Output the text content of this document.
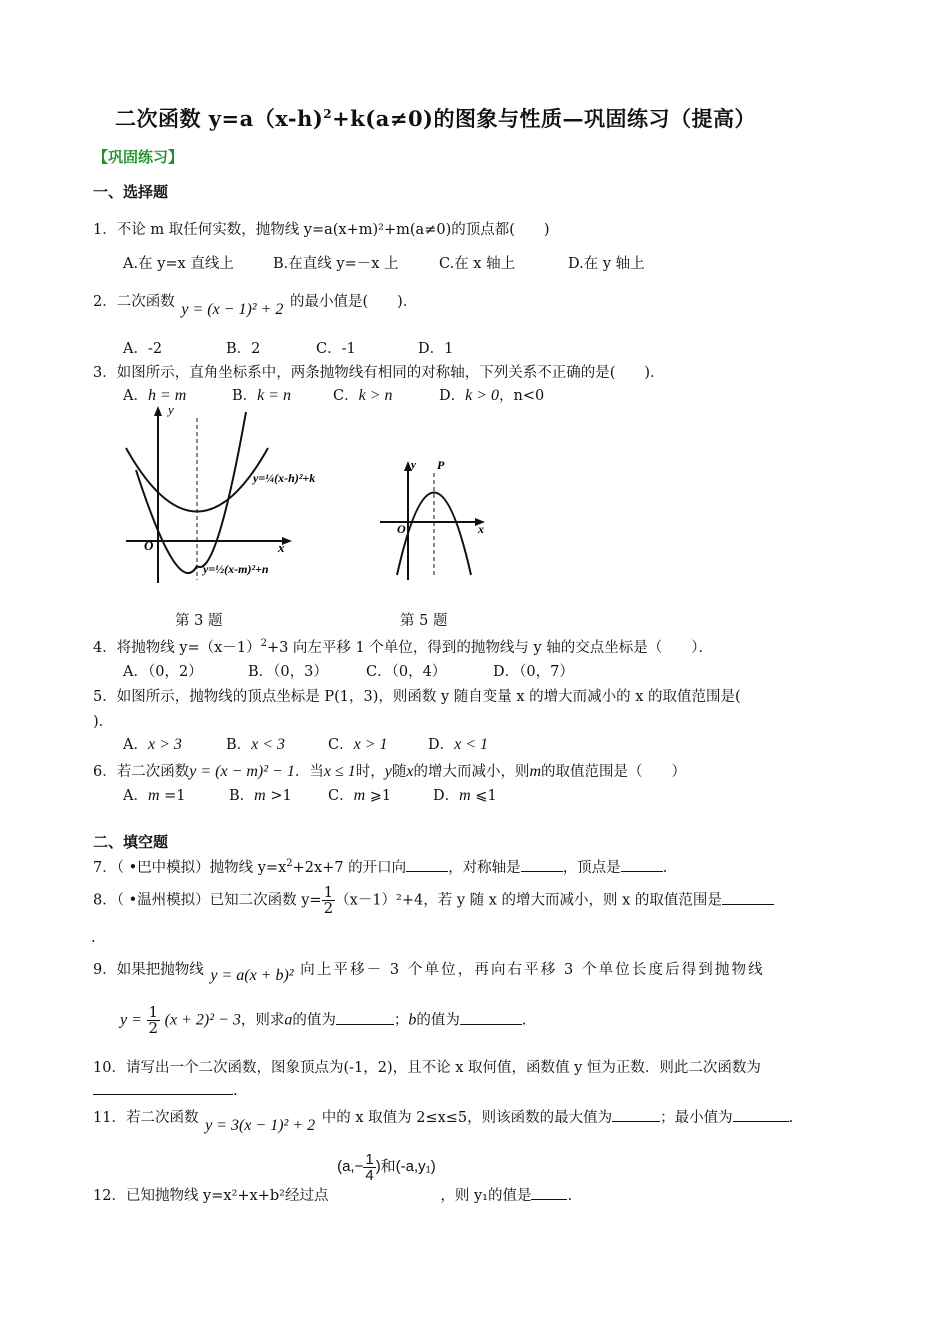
二次函数 y=a（x-h)$^2$+k(a≠0)的图象与性质—巩固练习（提高）
【巩固练习】
一、选择题
1．不论 m 取任何实数，抛物线 y=a(x+m)²+m(a≠0)的顶点都(　　)
A.在 y=x 直线上	B.在直线 y=－x 上	C.在 x 轴上	D.在 y 轴上
2．二次函数 y = (x − 1)² + 2 的最小值是(　　)．
A．-2	B．2	C．-1	D．1
3．如图所示，直角坐标系中，两条抛物线有相同的对称轴，下列关系不正确的是(　　)．
A．h = m	B．k = n	C．k > n	D．k > 0，n<0
y
x
O
y=¼(x-h)²+k
y=½(x-m)²+n
第 3 题
y P
x
O
第 5 题
4．将抛物线 $y=(x-1)^2+3$ 向左平移 1 个单位，得到的抛物线与 y 轴的交点坐标是（　　）．
A．（0，2）	B．（0，3）	C．（0，4）	D．（0，7）
5．如图所示，抛物线的顶点坐标是 P(1，3)，则函数 y 随自变量 x 的增大而减小的 x 的取值范围是(
)．
A．x > 3	B．x < 3	C．x > 1	D．x < 1
6．若二次函数y = (x − m)² − 1．当x ≤ 1时，y随x的增大而减小，则m的取值范围是（　　）
A．m =1	B．m >1	C．m ⩾1	D．m ⩽1
二、填空题
7．（ •巴中模拟）抛物线 $y=x^2+2x+7$ 的开口向	，对称轴是	，顶点是	.
8．（ •温州模拟）已知二次函数 $y= \frac{1}{2} (x-1)^2+4$，若 y 随 x 的增大而减小，则 x 的取值范围是
.
9．如果把抛物线 y = a(x + b)² 向上平移－ 3 个单位，再向右平移 3 个单位长度后得到抛物线
$y = \frac{1}{2} (x + 2)^2 - 3$，则求a的值为	；b的值为	.
10．请写出一个二次函数，图象顶点为(-1，2)，且不论 x 取何值，函数值 y 恒为正数．则此二次函数为
.
11．若二次函数 y = 3(x − 1)² + 2 中的 x 取值为 2≤x≤5，则该函数的最大值为	；最小值为	.
12．已知抛物线 y=x²+x+b²经过点 ($a,- \frac{1}{4}$ )和(-a,y₁) ，则 y₁的值是 .
